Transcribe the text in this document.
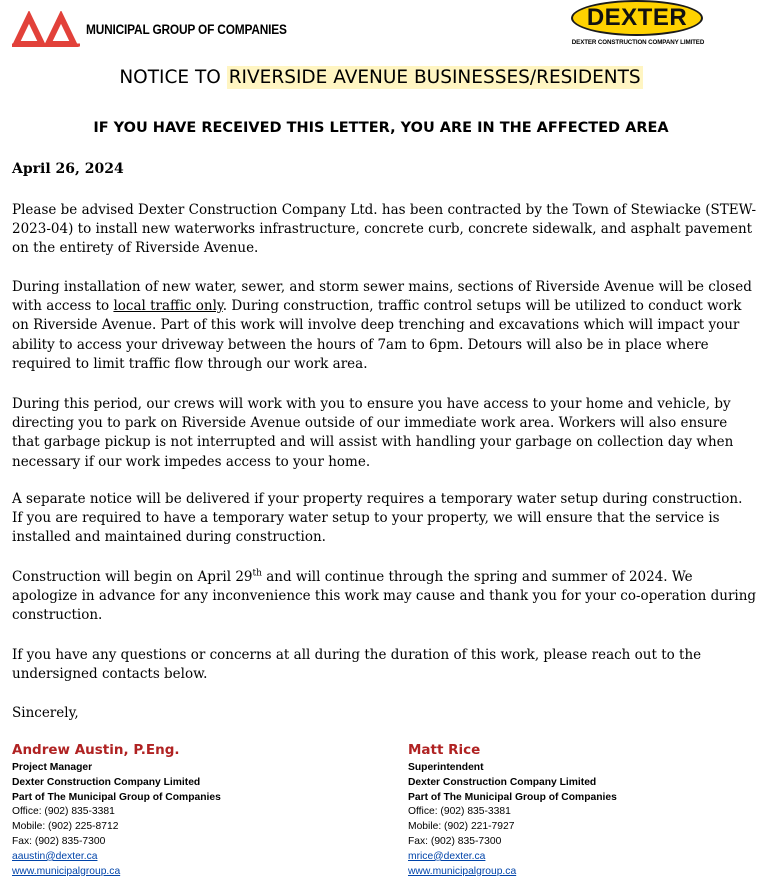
MUNICIPAL GROUP OF COMPANIES	DEXTER
DEXTER CONSTRUCTION COMPANY LIMITED
NOTICE TO RIVERSIDE AVENUE BUSINESSES/RESIDENTS
IF YOU HAVE RECEIVED THIS LETTER, YOU ARE IN THE AFFECTED AREA
April 26, 2024

Please be advised Dexter Construction Company Ltd. has been contracted by the Town of Stewiacke (STEW-2023-04) to install new waterworks infrastructure, concrete curb, concrete sidewalk, and asphalt pavement on the entirety of Riverside Avenue.

During installation of new water, sewer, and storm sewer mains, sections of Riverside Avenue will be closed with access to local traffic only. During construction, traffic control setups will be utilized to conduct work on Riverside Avenue. Part of this work will involve deep trenching and excavations which will impact your ability to access your driveway between the hours of 7am to 6pm. Detours will also be in place where required to limit traffic flow through our work area.

During this period, our crews will work with you to ensure you have access to your home and vehicle, by directing you to park on Riverside Avenue outside of our immediate work area. Workers will also ensure that garbage pickup is not interrupted and will assist with handling your garbage on collection day when necessary if our work impedes access to your home.

A separate notice will be delivered if your property requires a temporary water setup during construction. If you are required to have a temporary water setup to your property, we will ensure that the service is installed and maintained during construction.

Construction will begin on April 29th and will continue through the spring and summer of 2024. We apologize in advance for any inconvenience this work may cause and thank you for your co-operation during construction.

If you have any questions or concerns at all during the duration of this work, please reach out to the undersigned contacts below.

Sincerely,

Andrew Austin, P.Eng.
Project Manager
Dexter Construction Company Limited
Part of The Municipal Group of Companies
Office: (902) 835-3381
Mobile: (902) 225-8712
Fax: (902) 835-7300
aaustin@dexter.ca
www.municipalgroup.ca
Matt Rice
Superintendent
Dexter Construction Company Limited
Part of The Municipal Group of Companies
Office: (902) 835-3381
Mobile: (902) 221-7927
Fax: (902) 835-7300
mrice@dexter.ca
www.municipalgroup.ca
